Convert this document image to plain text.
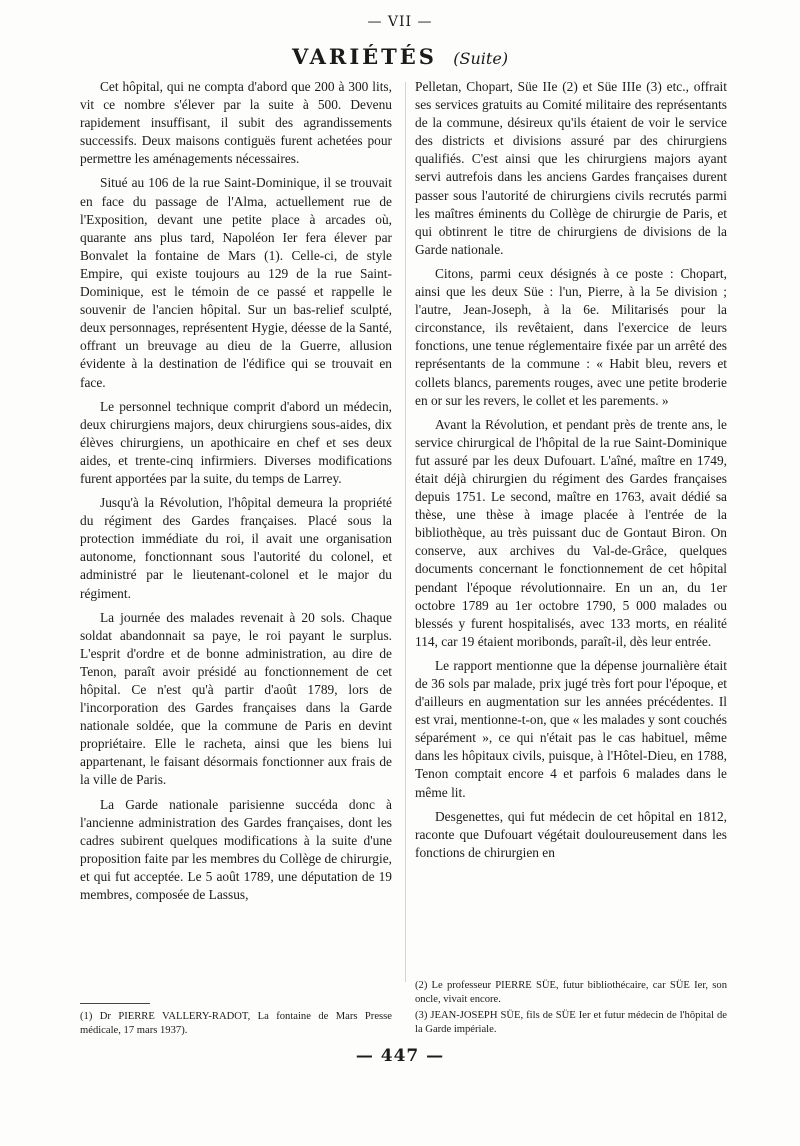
— VII —
VARIÉTÉS (Suite)

Cet hôpital, qui ne compta d'abord que 200 à 300 lits, vit ce nombre s'élever par la suite à 500. Devenu rapidement insuffisant, il subit des agrandissements successifs. Deux maisons contiguës furent achetées pour permettre les aménagements nécessaires.

Situé au 106 de la rue Saint-Dominique, il se trouvait en face du passage de l'Alma, actuellement rue de l'Exposition, devant une petite place à arcades où, quarante ans plus tard, Napoléon Ier fera élever par Bonvalet la fontaine de Mars (1). Celle-ci, de style Empire, qui existe toujours au 129 de la rue Saint-Dominique, est le témoin de ce passé et rappelle le souvenir de l'ancien hôpital. Sur un bas-relief sculpté, deux personnages, représentent Hygie, déesse de la Santé, offrant un breuvage au dieu de la Guerre, allusion évidente à la destination de l'édifice qui se trouvait en face.

Le personnel technique comprit d'abord un médecin, deux chirurgiens majors, deux chirurgiens sous-aides, dix élèves chirurgiens, un apothicaire en chef et ses deux aides, et trente-cinq infirmiers. Diverses modifications furent apportées par la suite, du temps de Larrey.

Jusqu'à la Révolution, l'hôpital demeura la propriété du régiment des Gardes françaises. Placé sous la protection immédiate du roi, il avait une organisation autonome, fonctionnant sous l'autorité du colonel, et administré par le lieutenant-colonel et le major du régiment.

La journée des malades revenait à 20 sols. Chaque soldat abandonnait sa paye, le roi payant le surplus. L'esprit d'ordre et de bonne administration, au dire de Tenon, paraît avoir présidé au fonctionnement de cet hôpital. Ce n'est qu'à partir d'août 1789, lors de l'incorporation des Gardes françaises dans la Garde nationale soldée, que la commune de Paris en devint propriétaire. Elle le racheta, ainsi que les biens lui appartenant, le faisant désormais fonctionner aux frais de la ville de Paris.

La Garde nationale parisienne succéda donc à l'ancienne administration des Gardes françaises, dont les cadres subirent quelques modifications à la suite d'une proposition faite par les membres du Collège de chirurgie, et qui fut acceptée. Le 5 août 1789, une députation de 19 membres, composée de Lassus,

Pelletan, Chopart, Süe IIe (2) et Süe IIIe (3) etc., offrait ses services gratuits au Comité militaire des représentants de la commune, désireux qu'ils étaient de voir le service des districts et divisions assuré par des chirurgiens qualifiés. C'est ainsi que les chirurgiens majors ayant servi autrefois dans les anciens Gardes françaises durent passer sous l'autorité de chirurgiens civils recrutés parmi les maîtres éminents du Collège de chirurgie de Paris, et qui obtinrent le titre de chirurgiens de divisions de la Garde nationale.

Citons, parmi ceux désignés à ce poste : Chopart, ainsi que les deux Süe : l'un, Pierre, à la 5e division ; l'autre, Jean-Joseph, à la 6e. Militarisés pour la circonstance, ils revêtaient, dans l'exercice de leurs fonctions, une tenue réglementaire fixée par un arrêté des représentants de la commune : « Habit bleu, revers et collets blancs, parements rouges, avec une petite broderie en or sur les revers, le collet et les parements. »

Avant la Révolution, et pendant près de trente ans, le service chirurgical de l'hôpital de la rue Saint-Dominique fut assuré par les deux Dufouart. L'aîné, maître en 1749, était déjà chirurgien du régiment des Gardes françaises depuis 1751. Le second, maître en 1763, avait dédié sa thèse, une thèse à image placée à l'entrée de la bibliothèque, au très puissant duc de Gontaut Biron. On conserve, aux archives du Val-de-Grâce, quelques documents concernant le fonctionnement de cet hôpital pendant l'époque révolutionnaire. En un an, du 1er octobre 1789 au 1er octobre 1790, 5 000 malades ou blessés y furent hospitalisés, avec 133 morts, en réalité 114, car 19 étaient moribonds, paraît-il, dès leur entrée.

Le rapport mentionne que la dépense journalière était de 36 sols par malade, prix jugé très fort pour l'époque, et d'ailleurs en augmentation sur les années précédentes. Il est vrai, mentionne-t-on, que « les malades y sont couchés séparément », ce qui n'était pas le cas habituel, même dans les hôpitaux civils, puisque, à l'Hôtel-Dieu, en 1788, Tenon comptait encore 4 et parfois 6 malades dans le même lit.

Desgenettes, qui fut médecin de cet hôpital en 1812, raconte que Dufouart végétait douloureusement dans les fonctions de chirurgien en

(1) Dr PIERRE VALLERY-RADOT, La fontaine de Mars Presse médicale, 17 mars 1937).

(2) Le professeur PIERRE SÜE, futur bibliothécaire, car SÜE Ier, son oncle, vivait encore.

(3) JEAN-JOSEPH SÜE, fils de SÜE Ier et futur médecin de l'hôpital de la Garde impériale.

— 447 —
